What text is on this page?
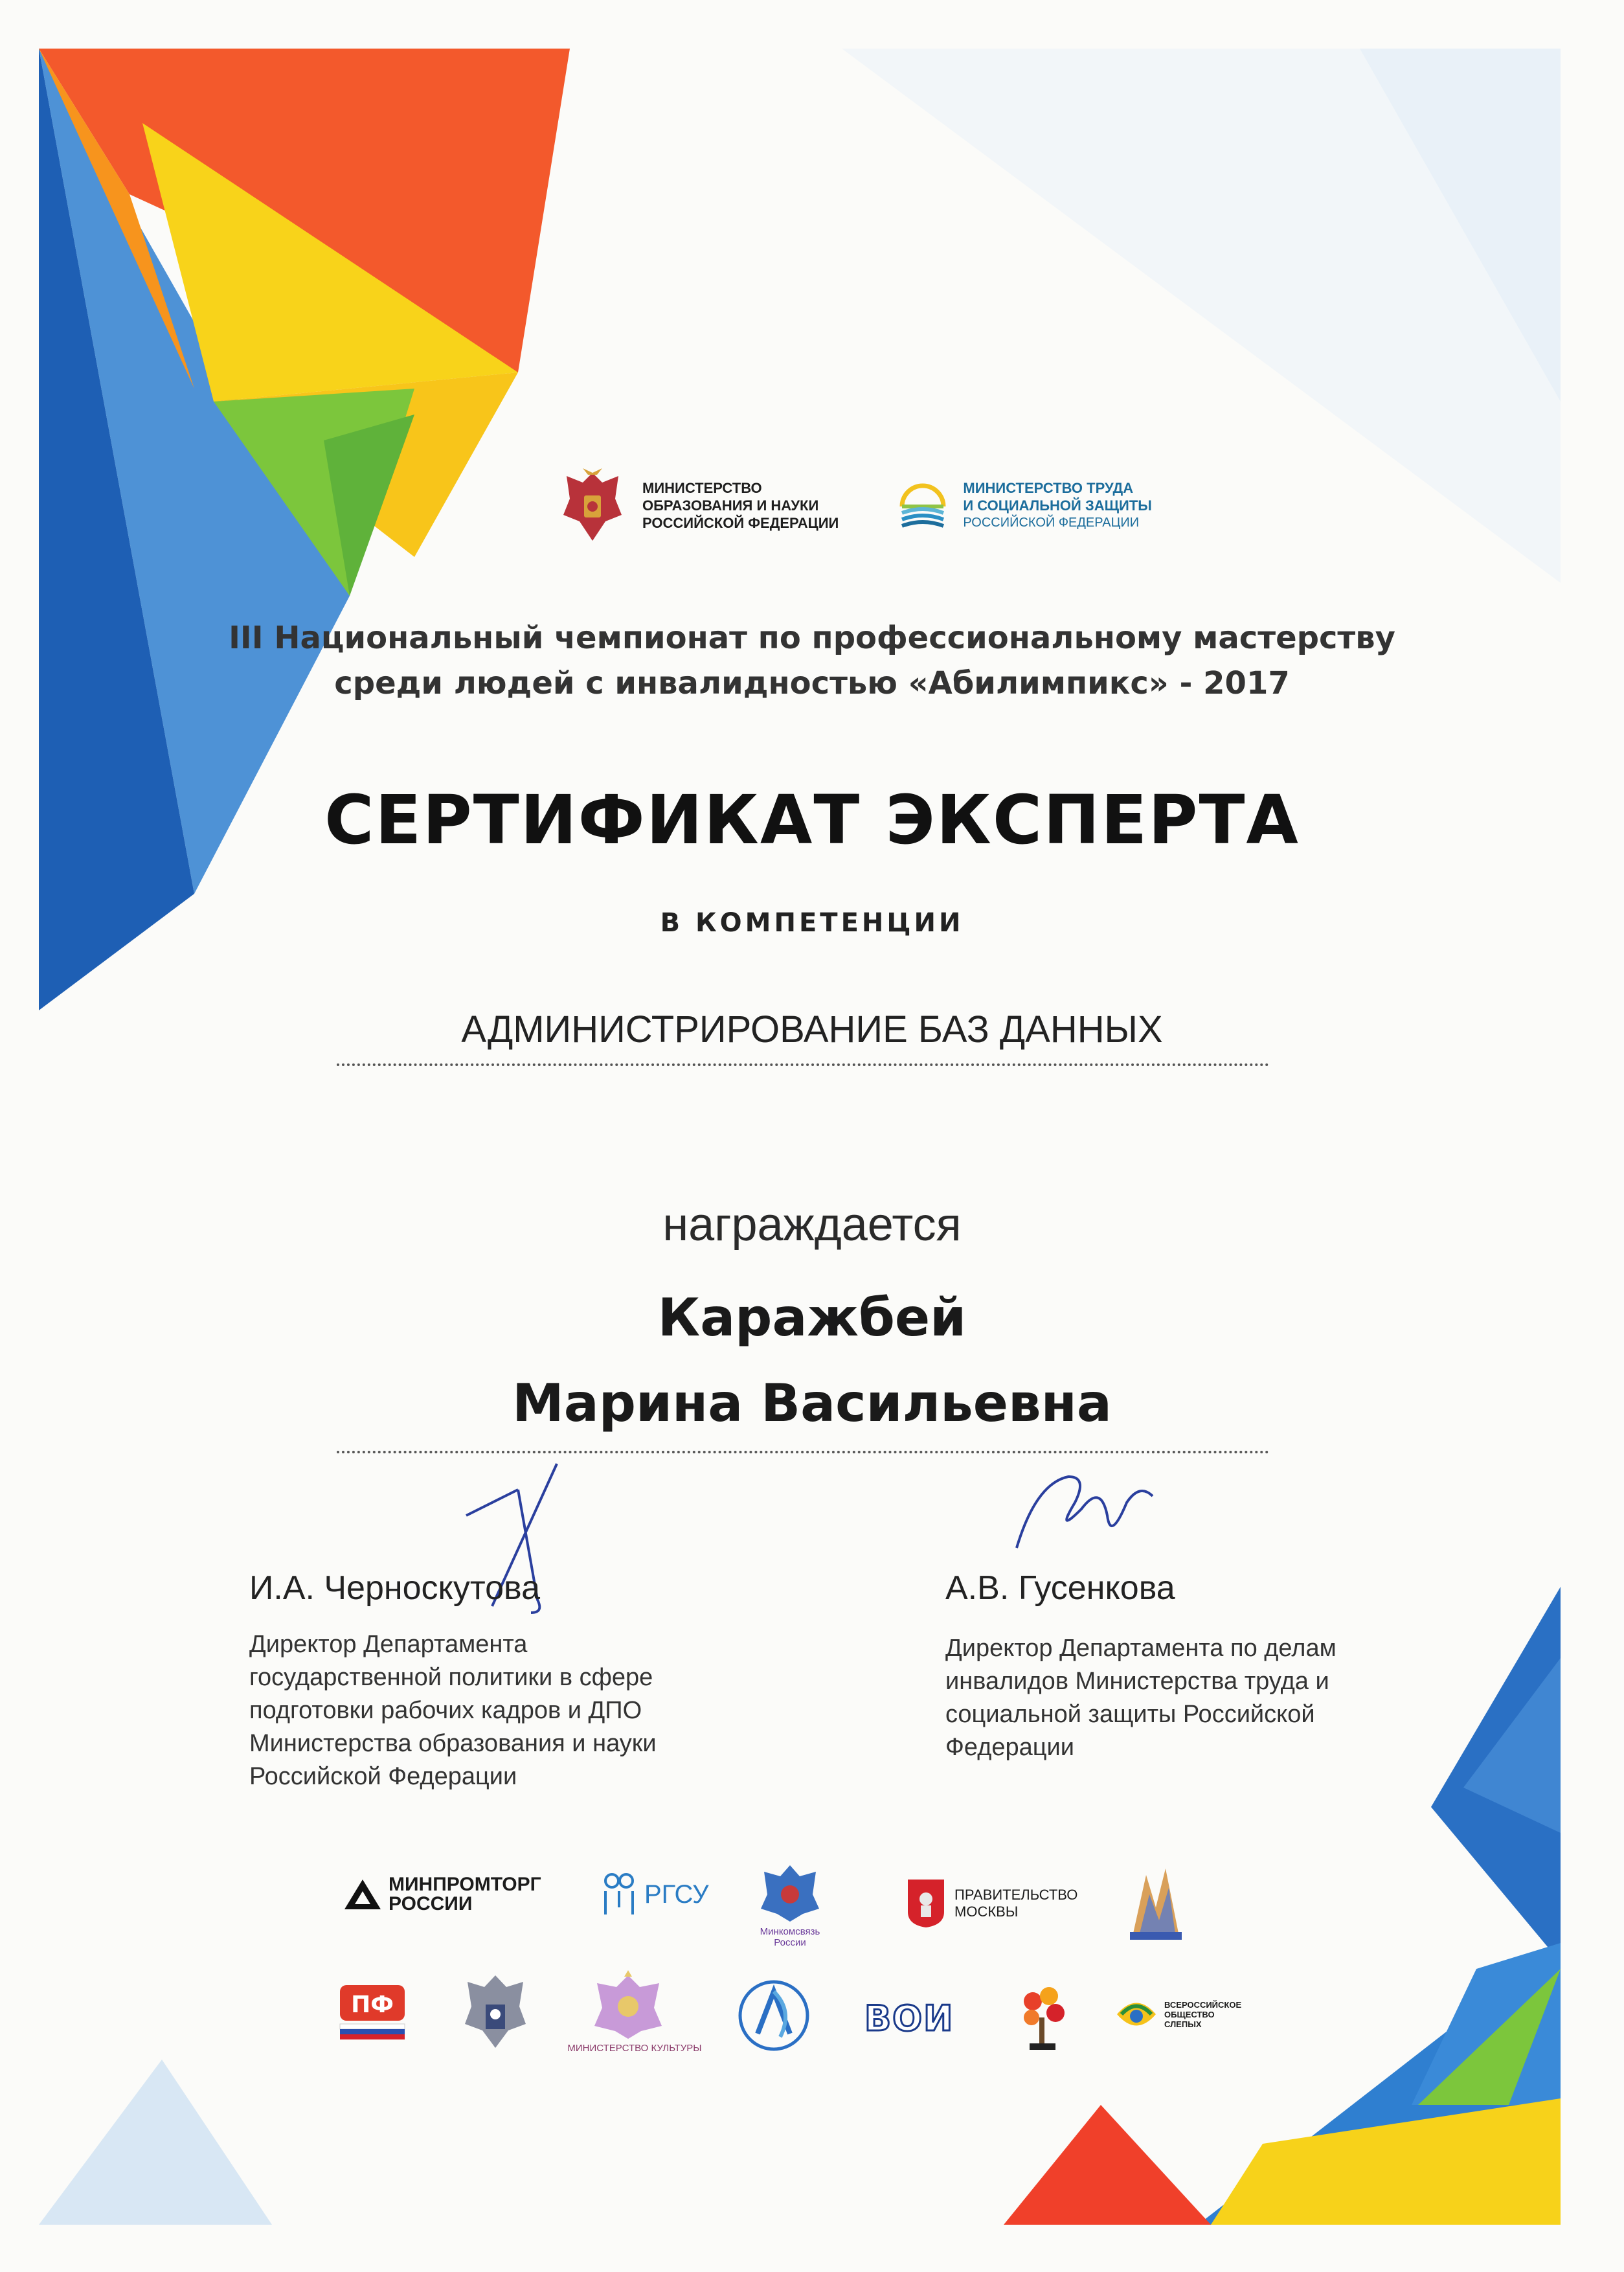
МИНИСТЕРСТВО
ОБРАЗОВАНИЯ И НАУКИ
РОССИЙСКОЙ ФЕДЕРАЦИИ
МИНИСТЕРСТВО ТРУДА
И СОЦИАЛЬНОЙ ЗАЩИТЫ
РОССИЙСКОЙ ФЕДЕРАЦИИ
III Национальный чемпионат по профессиональному мастерству
среди людей с инвалидностью «Абилимпикс» - 2017
СЕРТИФИКАТ ЭКСПЕРТА
В КОМПЕТЕНЦИИ
АДМИНИСТРИРОВАНИЕ БАЗ ДАННЫХ
награждается
Каражбей
Марина Васильевна
И.А. Черноскутова
Директор Департамента
государственной политики в сфере
подготовки рабочих кадров и ДПО
Министерства образования и науки
Российской Федерации
А.В. Гусенкова
Директор Департамента по делам
инвалидов Министерства труда и
социальной защиты Российской
Федерации
МИНПРОМТОРГ
РОССИИ	РГСУ
Минкомсвязь
России
ПРАВИТЕЛЬСТВО
МОСКВЫ
ПФ
МИНИСТЕРСТВО КУЛЬТУРЫ
ВОИ	ВСЕРОССИЙСКОЕ
ОБЩЕСТВО
СЛЕПЫХ
